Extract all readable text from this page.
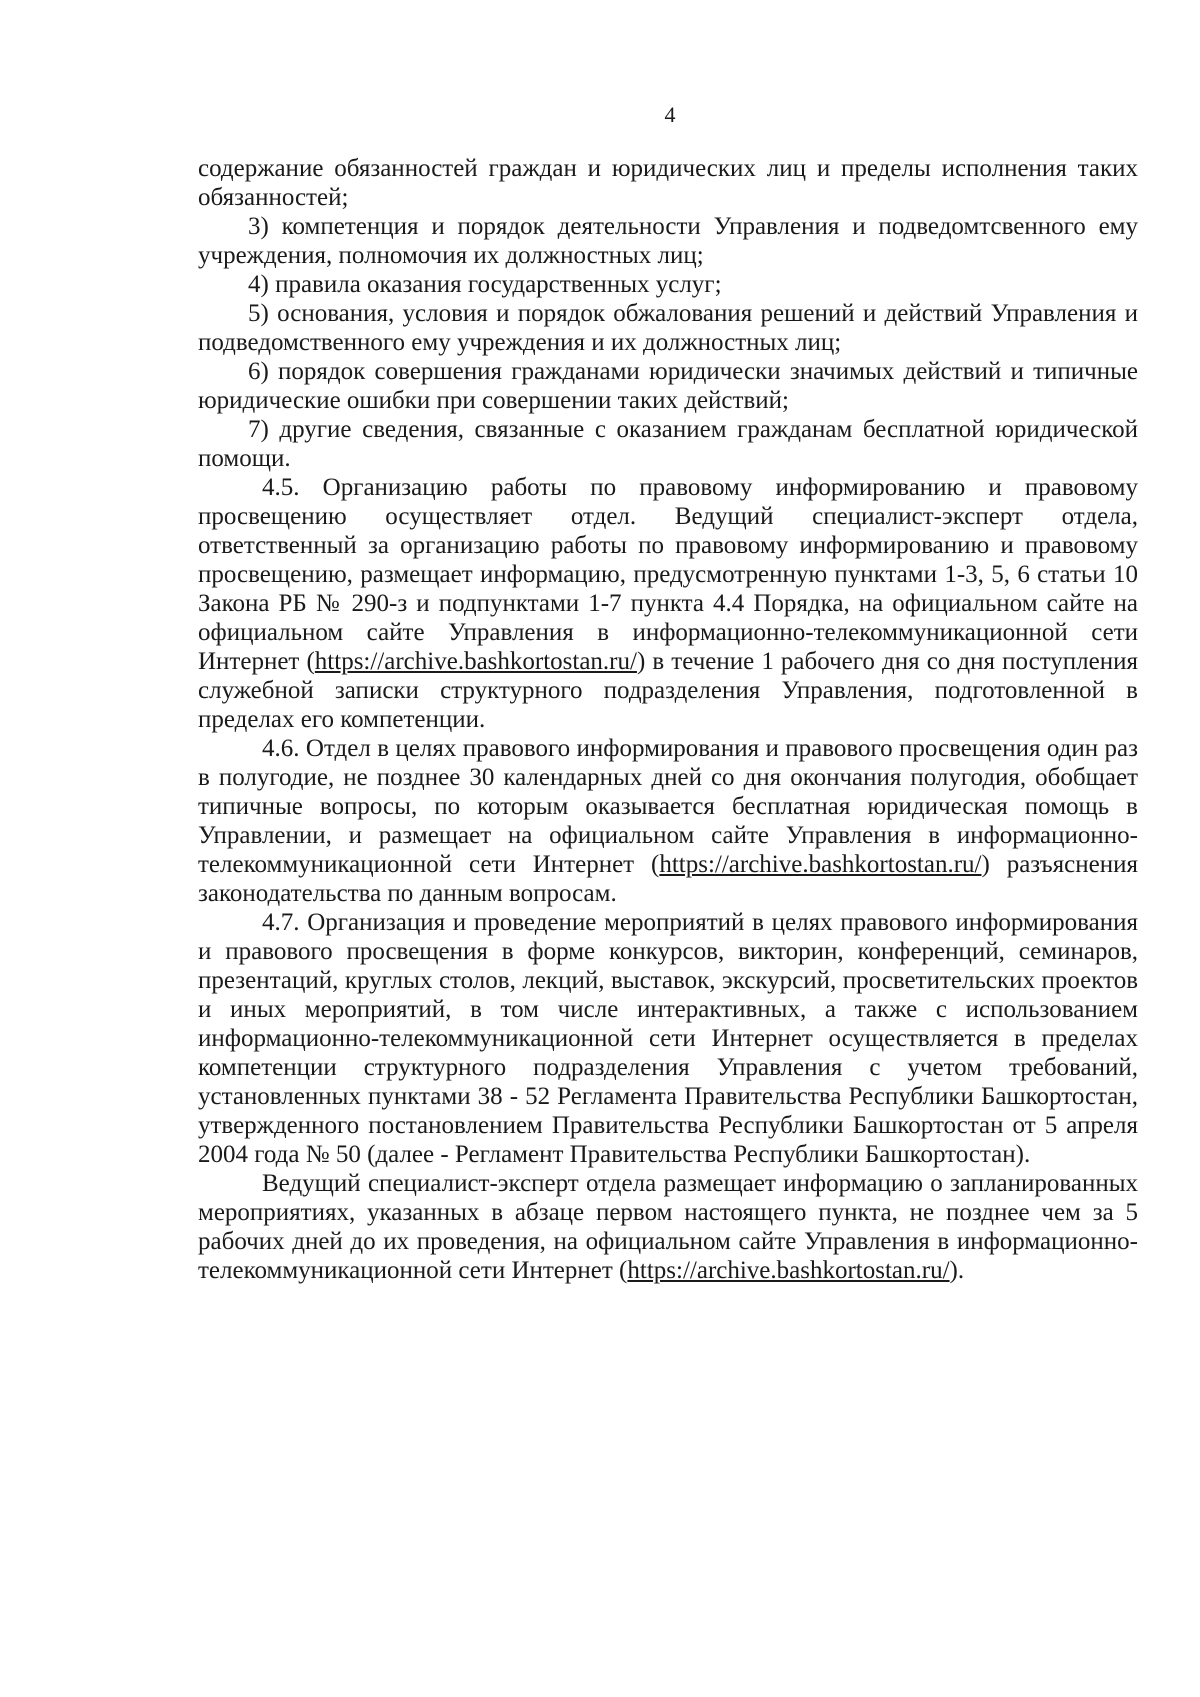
4

содержание обязанностей граждан и юридических лиц и пределы исполнения таких обязанностей;

3) компетенция и порядок деятельности Управления и подведомтсвенного ему учреждения, полномочия их должностных лиц;

4) правила оказания государственных услуг;

5) основания, условия и порядок обжалования решений и действий Управления и подведомственного ему учреждения и их должностных лиц;

6) порядок совершения гражданами юридически значимых действий и типичные юридические ошибки при совершении таких действий;

7) другие сведения, связанные с оказанием гражданам бесплатной юридической помощи.

4.5. Организацию работы по правовому информированию и правовому просвещению осуществляет отдел. Ведущий специалист-эксперт отдела, ответственный за организацию работы по правовому информированию и правовому просвещению, размещает информацию, предусмотренную пунктами 1-3, 5, 6 статьи 10 Закона РБ № 290-з и подпунктами 1-7 пункта 4.4 Порядка, на официальном сайте на официальном сайте Управления в информационно-телекоммуникационной сети Интернет (https://archive.bashkortostan.ru/) в течение 1 рабочего дня со дня поступления служебной записки структурного подразделения Управления, подготовленной в пределах его компетенции.

4.6. Отдел в целях правового информирования и правового просвещения один раз в полугодие, не позднее 30 календарных дней со дня окончания полугодия, обобщает типичные вопросы, по которым оказывается бесплатная юридическая помощь в Управлении, и размещает на официальном сайте Управления в информационно-телекоммуникационной сети Интернет (https://archive.bashkortostan.ru/) разъяснения законодательства по данным вопросам.

4.7. Организация и проведение мероприятий в целях правового информирования и правового просвещения в форме конкурсов, викторин, конференций, семинаров, презентаций, круглых столов, лекций, выставок, экскурсий, просветительских проектов и иных мероприятий, в том числе интерактивных, а также с использованием информационно-телекоммуникационной сети Интернет осуществляется в пределах компетенции структурного подразделения Управления с учетом требований, установленных пунктами 38 - 52 Регламента Правительства Республики Башкортостан, утвержденного постановлением Правительства Республики Башкортостан от 5 апреля 2004 года № 50 (далее - Регламент Правительства Республики Башкортостан).

Ведущий специалист-эксперт отдела размещает информацию о запланированных мероприятиях, указанных в абзаце первом настоящего пункта, не позднее чем за 5 рабочих дней до их проведения, на официальном сайте Управления в информационно-телекоммуникационной сети Интернет (https://archive.bashkortostan.ru/).
